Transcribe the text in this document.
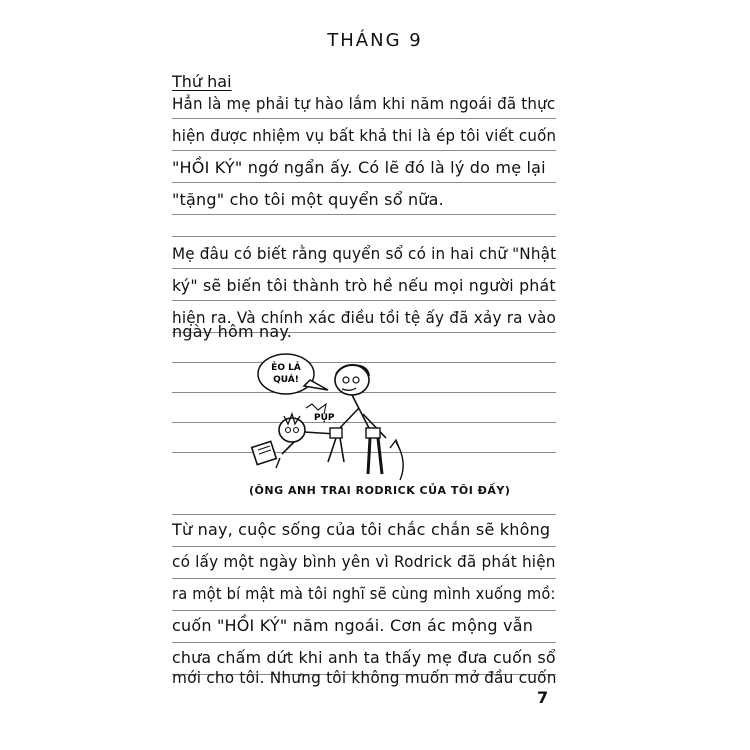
THÁNG 9
Thứ hai
Hẳn là mẹ phải tự hào lắm khi năm ngoái đã thực
hiện được nhiệm vụ bất khả thi là ép tôi viết cuốn
"HỒI KÝ" ngớ ngẩn ấy. Có lẽ đó là lý do mẹ lại
"tặng" cho tôi một quyển sổ nữa.
Mẹ đâu có biết rằng quyển sổ có in hai chữ "Nhật
ký" sẽ biến tôi thành trò hề nếu mọi người phát
hiện ra. Và chính xác điều tồi tệ ấy đã xảy ra vào
ngày hôm nay.
ẺO LẢ
QUÁ!
PỤP
(ÔNG ANH TRAI RODRICK CỦA TÔI ĐẤY)
Từ nay, cuộc sống của tôi chắc chắn sẽ không
có lấy một ngày bình yên vì Rodrick đã phát hiện
ra một bí mật mà tôi nghĩ sẽ cùng mình xuống mồ:
cuốn "HỒI KÝ" năm ngoái. Cơn ác mộng vẫn
chưa chấm dứt khi anh ta thấy mẹ đưa cuốn sổ
mới cho tôi. Nhưng tôi không muốn mở đầu cuốn
7
